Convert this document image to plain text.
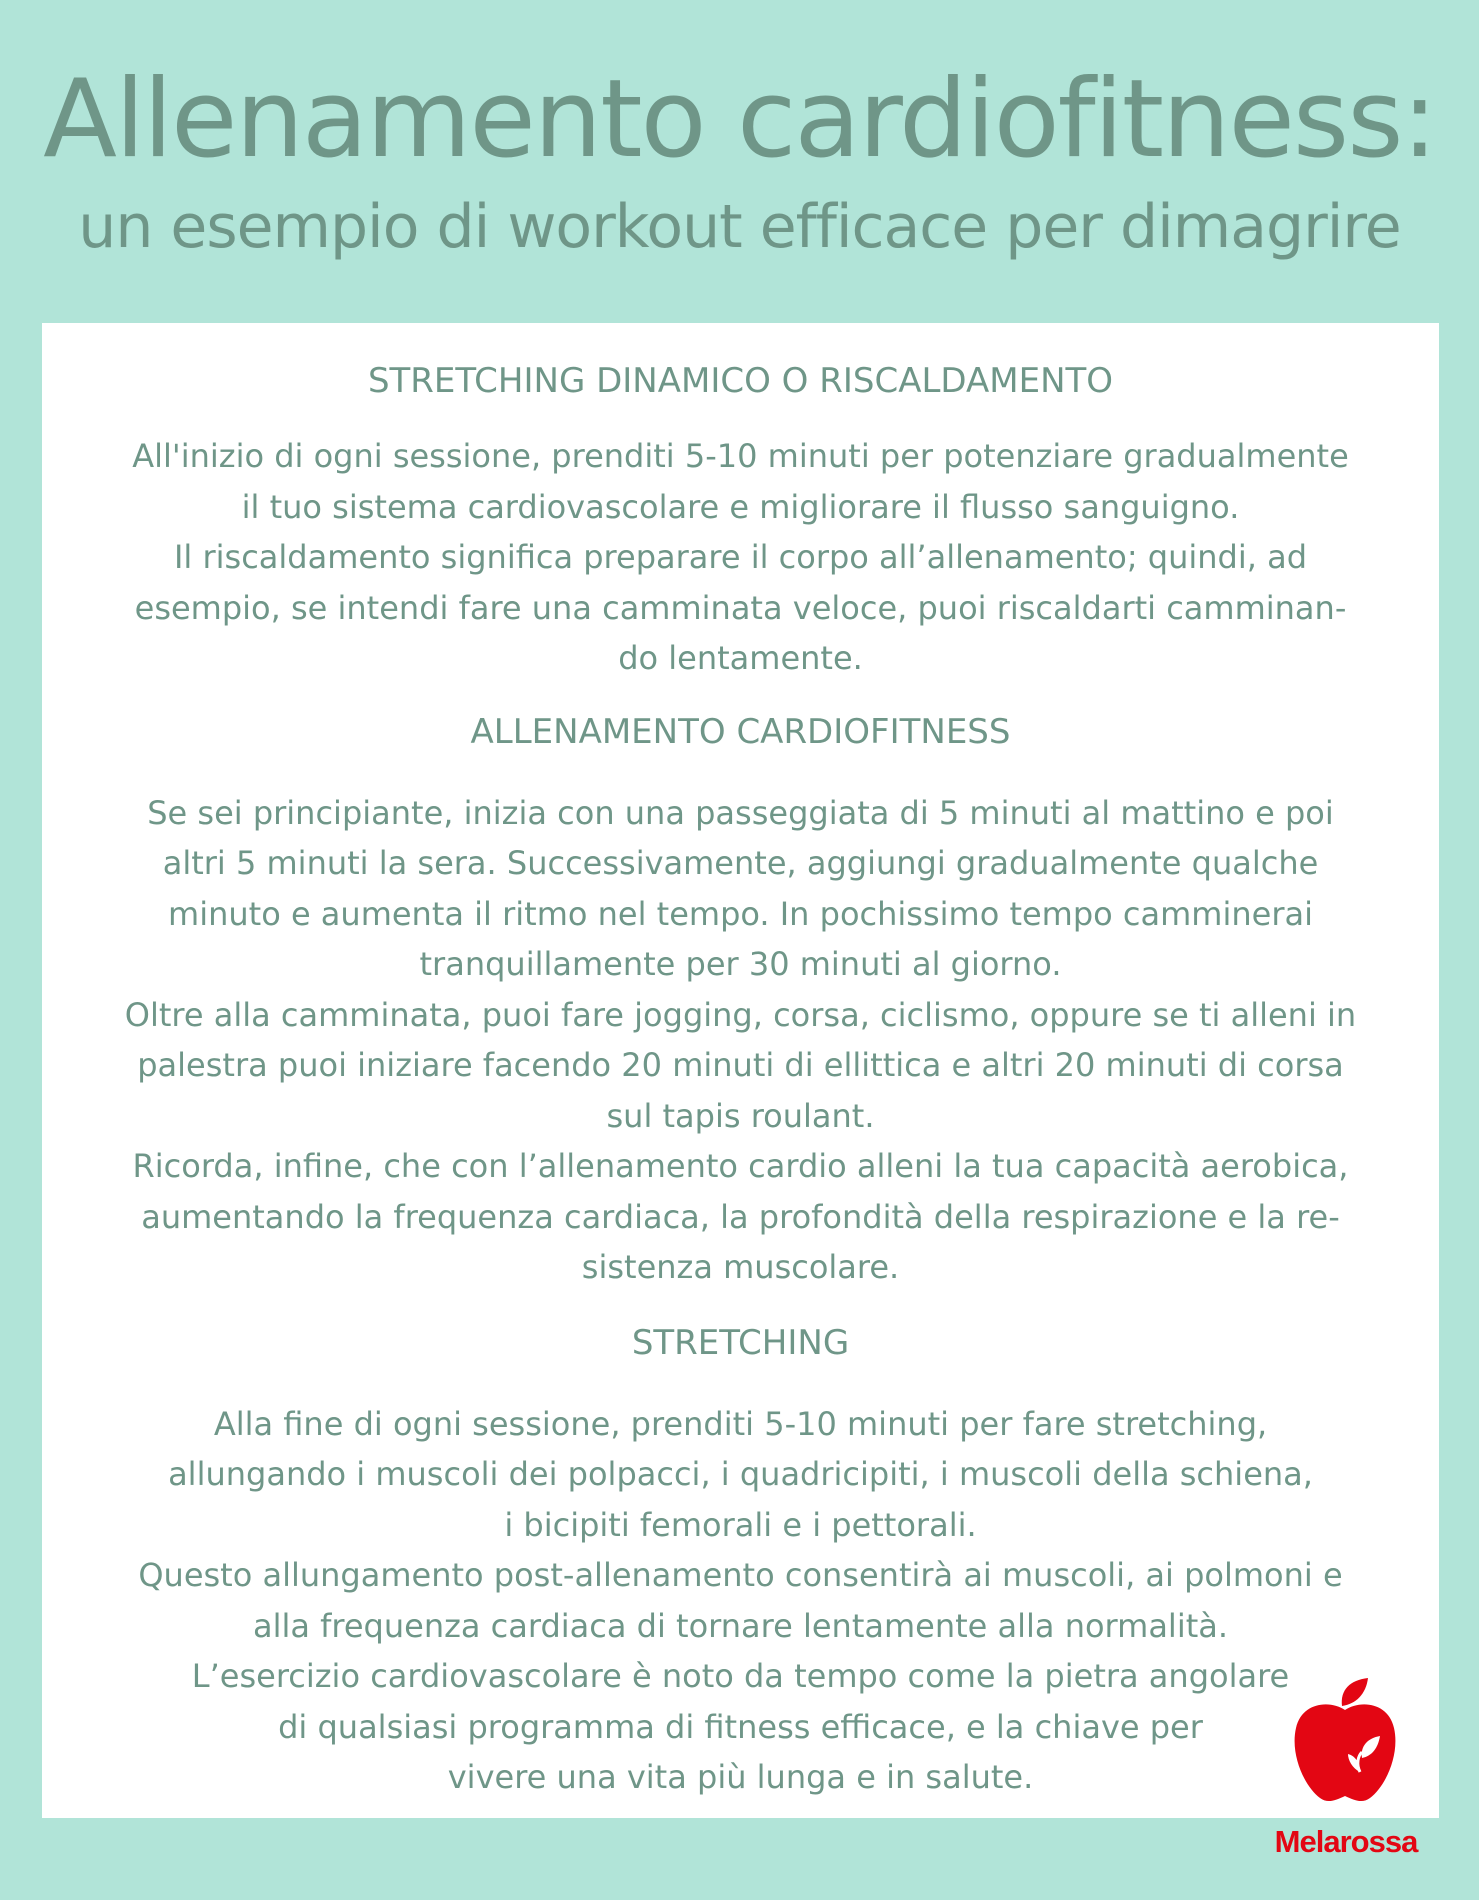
Allenamento cardiofitness:
un esempio di workout efficace per dimagrire
STRETCHING DINAMICO O RISCALDAMENTO

All'inizio di ogni sessione, prenditi 5-10 minuti per potenziare gradualmente
il tuo sistema cardiovascolare e migliorare il flusso sanguigno.
Il riscaldamento significa preparare il corpo all’allenamento; quindi, ad
esempio, se intendi fare una camminata veloce, puoi riscaldarti camminan-
do lentamente.

ALLENAMENTO CARDIOFITNESS

Se sei principiante, inizia con una passeggiata di 5 minuti al mattino e poi
altri 5 minuti la sera. Successivamente, aggiungi gradualmente qualche
minuto e aumenta il ritmo nel tempo. In pochissimo tempo camminerai
tranquillamente per 30 minuti al giorno.
Oltre alla camminata, puoi fare jogging, corsa, ciclismo, oppure se ti alleni in
palestra puoi iniziare facendo 20 minuti di ellittica e altri 20 minuti di corsa
sul tapis roulant.
Ricorda, infine, che con l’allenamento cardio alleni la tua capacità aerobica,
aumentando la frequenza cardiaca, la profondità della respirazione e la re-
sistenza muscolare.

STRETCHING

Alla fine di ogni sessione, prenditi 5-10 minuti per fare stretching,
allungando i muscoli dei polpacci, i quadricipiti, i muscoli della schiena,
i bicipiti femorali e i pettorali.
Questo allungamento post-allenamento consentirà ai muscoli, ai polmoni e
alla frequenza cardiaca di tornare lentamente alla normalità.
L’esercizio cardiovascolare è noto da tempo come la pietra angolare
di qualsiasi programma di fitness efficace, e la chiave per
vivere una vita più lunga e in salute.

Melarossa
